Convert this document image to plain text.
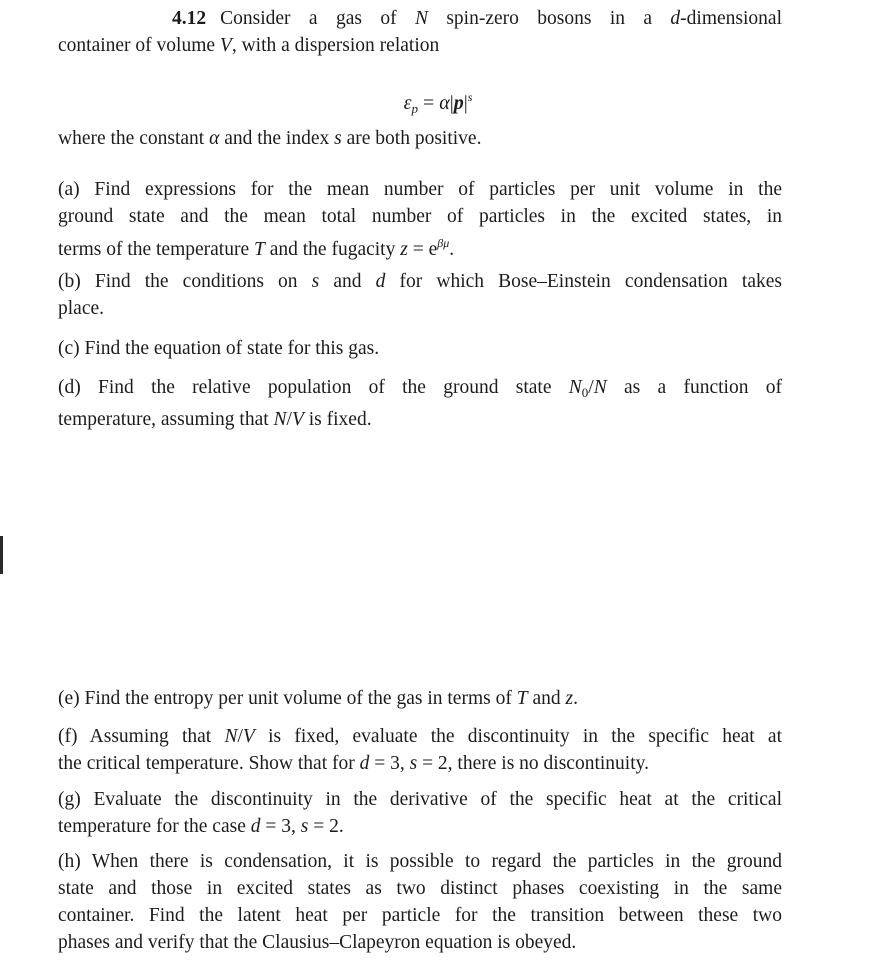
4.12 Consider a gas of N spin-zero bosons in a d-dimensional
container of volume V, with a dispersion relation
$\varepsilon_p = \alpha|p|^s$
where the constant α and the index s are both positive.
(a) Find expressions for the mean number of particles per unit volume in the
ground state and the mean total number of particles in the excited states, in
terms of the temperature T and the fugacity $z = e^{\beta\mu}$.
(b) Find the conditions on s and d for which Bose–Einstein condensation takes
place.
(c) Find the equation of state for this gas.
(d) Find the relative population of the ground state $N_0/N$ as a function of
temperature, assuming that N/V is fixed.
(e) Find the entropy per unit volume of the gas in terms of T and z.
(f) Assuming that N/V is fixed, evaluate the discontinuity in the specific heat at
the critical temperature. Show that for d = 3, s = 2, there is no discontinuity.
(g) Evaluate the discontinuity in the derivative of the specific heat at the critical
temperature for the case d = 3, s = 2.
(h) When there is condensation, it is possible to regard the particles in the ground
state and those in excited states as two distinct phases coexisting in the same
container. Find the latent heat per particle for the transition between these two
phases and verify that the Clausius–Clapeyron equation is obeyed.
